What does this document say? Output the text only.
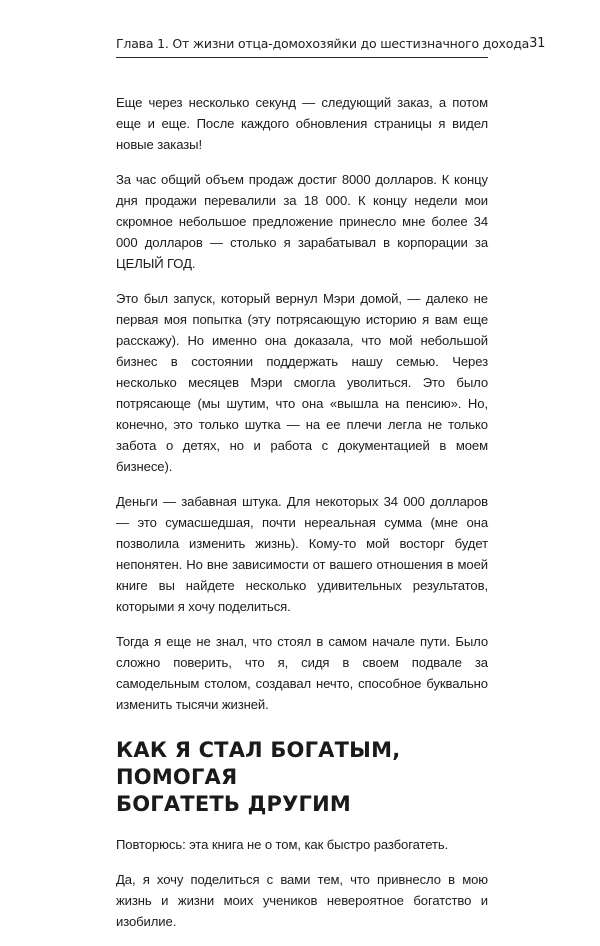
Глава 1. От жизни отца-домохозяйки до шестизначного дохода 31

Еще через несколько секунд — следующий заказ, а потом еще и еще. После каждого обновления страницы я видел новые заказы!

За час общий объем продаж достиг 8000 долларов. К концу дня продажи перевалили за 18 000. К концу недели мои скромное небольшое предложение принесло мне более 34 000 долларов — столько я зарабатывал в корпорации за ЦЕЛЫЙ ГОД.

Это был запуск, который вернул Мэри домой, — далеко не первая моя попытка (эту потрясающую историю я вам еще расскажу). Но именно она доказала, что мой небольшой бизнес в состоянии поддержать нашу семью. Через несколько месяцев Мэри смогла уволиться. Это было потрясающе (мы шутим, что она «вышла на пенсию». Но, конечно, это только шутка — на ее плечи легла не только забота о детях, но и работа с документацией в моем бизнесе).

Деньги — забавная штука. Для некоторых 34 000 долларов — это сумасшедшая, почти нереальная сумма (мне она позволила изменить жизнь). Кому-то мой восторг будет непонятен. Но вне зависимости от вашего отношения в моей книге вы найдете несколько удивительных результатов, которыми я хочу поделиться.

Тогда я еще не знал, что стоял в самом начале пути. Было сложно поверить, что я, сидя в своем подвале за самодельным столом, создавал нечто, способное буквально изменить тысячи жизней.

КАК Я СТАЛ БОГАТЫМ, ПОМОГАЯ
БОГАТЕТЬ ДРУГИМ

Повторюсь: эта книга не о том, как быстро разбогатеть.

Да, я хочу поделиться с вами тем, что привнесло в мою жизнь и жизни моих учеников невероятное богатство и изобилие.
